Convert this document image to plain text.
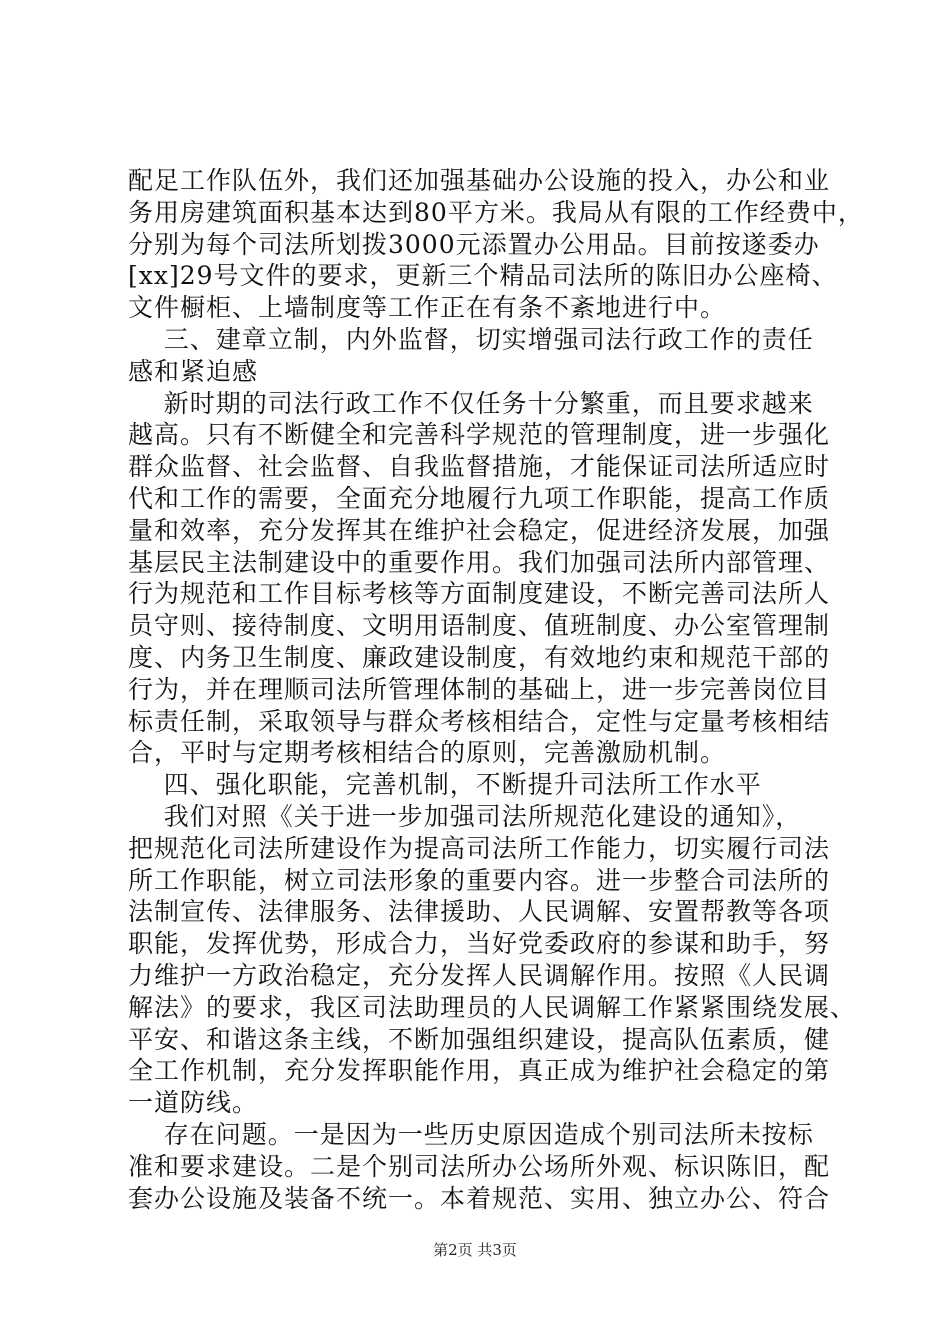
配足工作队伍外，我们还加强基础办公设施的投入，办公和业
务用房建筑面积基本达到80平方米。我局从有限的工作经费中，
分别为每个司法所划拨3000元添置办公用品。目前按遂委办
[xx]29号文件的要求，更新三个精品司法所的陈旧办公座椅、
文件橱柜、上墙制度等工作正在有条不紊地进行中。
三、建章立制，内外监督，切实增强司法行政工作的责任
感和紧迫感
新时期的司法行政工作不仅任务十分繁重，而且要求越来
越高。只有不断健全和完善科学规范的管理制度，进一步强化
群众监督、社会监督、自我监督措施，才能保证司法所适应时
代和工作的需要，全面充分地履行九项工作职能，提高工作质
量和效率，充分发挥其在维护社会稳定，促进经济发展，加强
基层民主法制建设中的重要作用。我们加强司法所内部管理、
行为规范和工作目标考核等方面制度建设，不断完善司法所人
员守则、接待制度、文明用语制度、值班制度、办公室管理制
度、内务卫生制度、廉政建设制度，有效地约束和规范干部的
行为，并在理顺司法所管理体制的基础上，进一步完善岗位目
标责任制，采取领导与群众考核相结合，定性与定量考核相结
合，平时与定期考核相结合的原则，完善激励机制。
四、强化职能，完善机制，不断提升司法所工作水平
我们对照《关于进一步加强司法所规范化建设的通知》，
把规范化司法所建设作为提高司法所工作能力，切实履行司法
所工作职能，树立司法形象的重要内容。进一步整合司法所的
法制宣传、法律服务、法律援助、人民调解、安置帮教等各项
职能，发挥优势，形成合力，当好党委政府的参谋和助手，努
力维护一方政治稳定，充分发挥人民调解作用。按照《人民调
解法》的要求，我区司法助理员的人民调解工作紧紧围绕发展、
平安、和谐这条主线，不断加强组织建设，提高队伍素质，健
全工作机制，充分发挥职能作用，真正成为维护社会稳定的第
一道防线。
存在问题。一是因为一些历史原因造成个别司法所未按标
准和要求建设。二是个别司法所办公场所外观、标识陈旧，配
套办公设施及装备不统一。本着规范、实用、独立办公、符合
第2页 共3页
